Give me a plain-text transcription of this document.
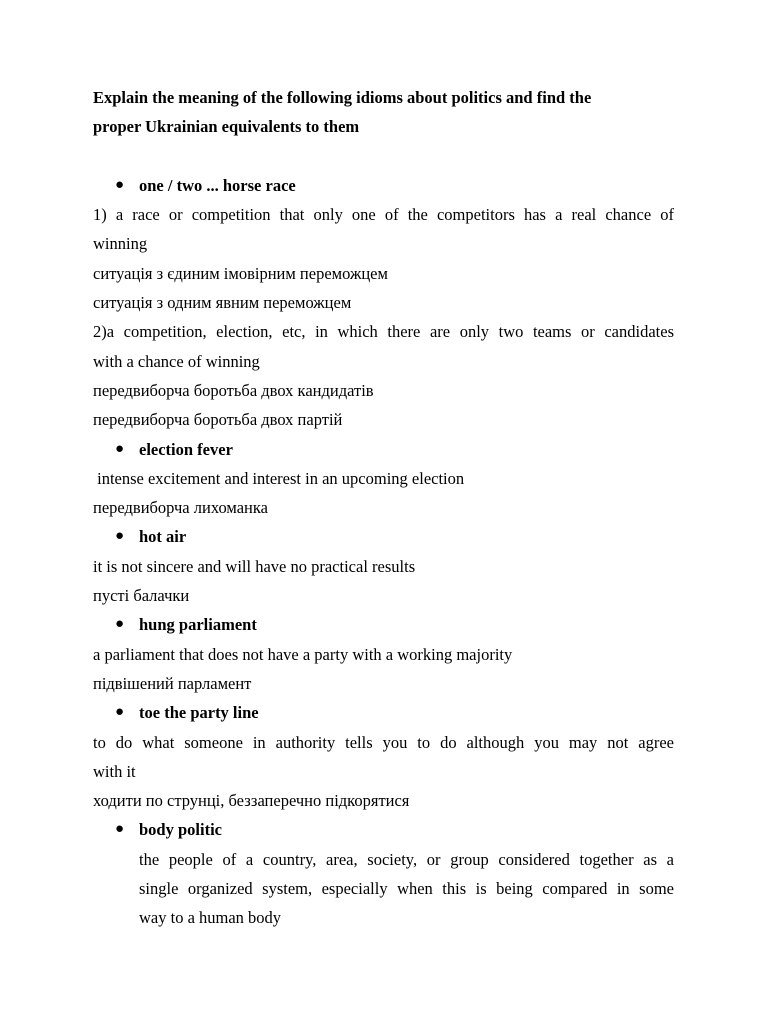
Explain the meaning of the following idioms about politics and find the
proper Ukrainian equivalents to them
● one / two ... horse race
1) a race or competition that only one of the competitors has a real chance of
winning
ситуація з єдиним імовірним переможцем
ситуація з одним явним переможцем
2)a competition, election, etc, in which there are only two teams or candidates
with a chance of winning
передвиборча боротьба двох кандидатів
передвиборча боротьба двох партій
● election fever
intense excitement and interest in an upcoming election
передвиборча лихоманка
● hot air
it is not sincere and will have no practical results
пусті балачки
● hung parliament
a parliament that does not have a party with a working majority
підвішений парламент
● toe the party line
to do what someone in authority tells you to do although you may not agree
with it
ходити по струнці, беззаперечно підкорятися
● body politic
the people of a country, area, society, or group considered together as a
single organized system, especially when this is being compared in some
way to a human body
